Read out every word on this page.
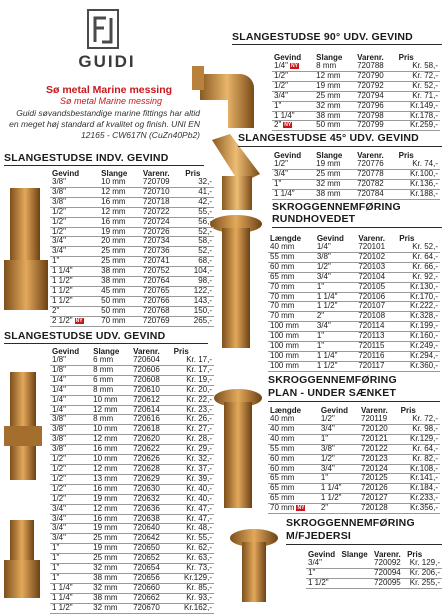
GUIDI
Sø metal Marine messing
Sø metal Marine messing
Guidi søvandsbestandige marine fittings har altid en meget høj standard af kvalitet og finish. UNI EN 12165 - CW617N (CuZn40Pb2)
SLANGESTUDSE 90° UDV. GEVIND
Gevind	Slange	Varenr.	Pris
1/4" NY	8 mm	720788	Kr. 58,-
1/2"	12 mm	720790	Kr. 72,-
1/2"	19 mm	720792	Kr. 52,-
3/4"	25 mm	720794	Kr. 71,-
1"	32 mm	720796	Kr.149,-
1 1/4"	38 mm	720798	Kr.178,-
2" NY	50 mm	720799	Kr.259,-
SLANGESTUDSE 45° UDV. GEVIND
Gevind	Slange	Varenr.	Pris
1/2"	19 mm	720776	Kr. 74,-
3/4"	25 mm	720778	Kr.100,-
1"	32 mm	720782	Kr.136,-
1 1/4"	38 mm	720784	Kr.188,-
SLANGESTUDSE INDV. GEVIND
Gevind	Slange	Varenr.	Pris
3/8"	10 mm	720709	32,-
3/8"	12 mm	720710	41,-
3/8"	16 mm	720718	42,-
1/2"	12 mm	720722	55,-
1/2"	16 mm	720724	56,-
1/2"	19 mm	720726	52,-
3/4"	20 mm	720734	58,-
3/4"	25 mm	720736	52,-
1"	25 mm	720741	68,-
1 1/4"	38 mm	720752	104,-
1 1/2"	38 mm	720764	98,-
1 1/2"	45 mm	720765	122,-
1 1/2"	50 mm	720766	143,-
2"	50 mm	720768	150,-
2 1/2" NY	70 mm	720769	265,-
SLANGESTUDSE UDV. GEVIND
Gevind	Slange	Varenr.	Pris
1/8"	6 mm	720604	Kr. 17,-
1/8"	8 mm	720606	Kr. 17,-
1/4"	6 mm	720608	Kr. 19,-
1/4"	8 mm	720610	Kr. 20,-
1/4"	10 mm	720612	Kr. 22,-
1/4"	12 mm	720614	Kr. 23,-
3/8"	8 mm	720616	Kr. 26,-
3/8"	10 mm	720618	Kr. 27,-
3/8"	12 mm	720620	Kr. 28,-
3/8"	16 mm	720622	Kr. 29,-
1/2"	10 mm	720626	Kr. 32,-
1/2"	12 mm	720628	Kr. 37,-
1/2"	13 mm	720629	Kr. 39,-
1/2"	16 mm	720630	Kr. 40,-
1/2"	19 mm	720632	Kr. 40,-
3/4"	12 mm	720636	Kr. 47,-
3/4"	16 mm	720638	Kr. 47,-
3/4"	19 mm	720640	Kr. 48,-
3/4"	25 mm	720642	Kr. 55,-
1"	19 mm	720650	Kr. 62,-
1"	25 mm	720652	Kr. 63,-
1"	32 mm	720654	Kr. 73,-
1"	38 mm	720656	Kr.129,-
1 1/4"	32 mm	720660	Kr. 85,-
1 1/4"	38 mm	720662	Kr. 93,-
1 1/2"	32 mm	720670	Kr.162,-
SKROGGENNEMFØRING
RUNDHOVEDET
Længde	Gevind	Varenr.	Pris
40 mm	1/4"	720101	Kr. 52,-
55 mm	3/8"	720102	Kr. 64,-
60 mm	1/2"	720103	Kr. 66,-
65 mm	3/4"	720104	Kr. 92,-
70 mm	1"	720105	Kr.130,-
70 mm	1 1/4"	720106	Kr.170,-
70 mm	1 1/2"	720107	Kr.222,-
70 mm	2"	720108	Kr.328,-
100 mm	3/4"	720114	Kr.199,-
100 mm	1"	720113	Kr.160,-
100 mm	1"	720115	Kr.249,-
100 mm	1 1/4"	720116	Kr.294,-
100 mm	1 1/2"	720117	Kr.360,-
SKROGGENNEMFØRING
PLAN - UNDER SÆNKET
Længde	Gevind	Varenr.	Pris
40 mm	1/2"	720119	Kr. 72,-
40 mm	3/4"	720120	Kr. 98,-
40 mm	1"	720121	Kr.129,-
55 mm	3/8"	720122	Kr. 64,-
60 mm	1/2"	720123	Kr. 82,-
60 mm	3/4"	720124	Kr.108,-
65 mm	1"	720125	Kr.141,-
65 mm	1 1/4"	720126	Kr.184,-
65 mm	1 1/2"	720127	Kr.233,-
70 mm NY	2"	720128	Kr.356,-
SKROGGENNEMFØRING
M/FJEDERSI
Gevind	Slange	Varenr.	Pris
3/4"		720092	Kr. 129,-
1"		720094	Kr. 206,-
1 1/2"		720095	Kr. 255,-
